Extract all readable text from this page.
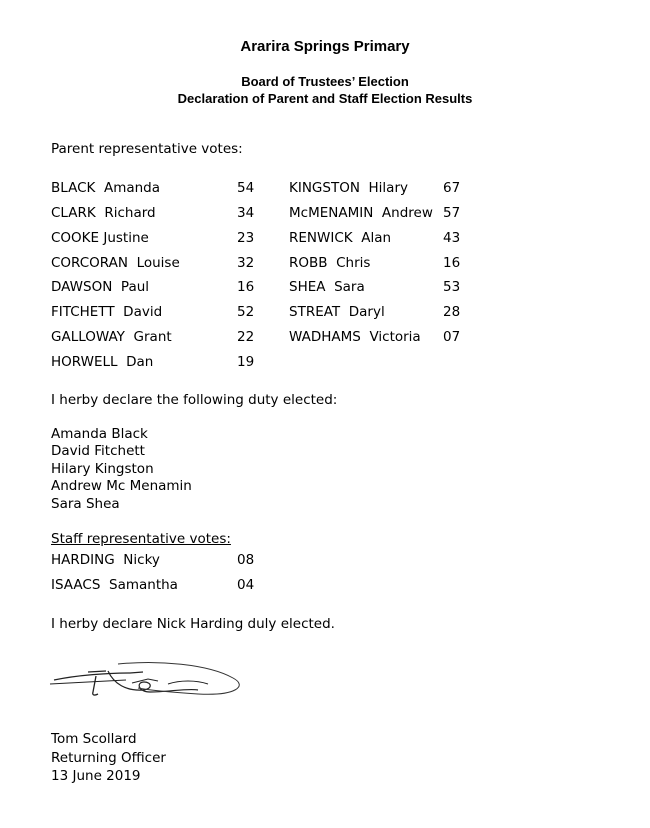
Ararira Springs Primary
Board of Trustees’ Election
Declaration of Parent and Staff Election Results
Parent representative votes:
BLACK Amanda	54
CLARK Richard	34
COOKE Justine	23
CORCORAN Louise	32
DAWSON Paul	16
FITCHETT David	52
GALLOWAY Grant	22
HORWELL Dan	19
KINGSTON Hilary	67
McMENAMIN Andrew 57
RENWICK Alan	43
ROBB Chris	16
SHEA Sara	53
STREAT Daryl	28
WADHAMS Victoria 07
I herby declare the following duty elected:
Amanda Black
David Fitchett
Hilary Kingston
Andrew Mc Menamin
Sara Shea
Staff representative votes:
HARDING Nicky	08
ISAACS Samantha	04
I herby declare Nick Harding duly elected.
Tom Scollard
Returning Officer
13 June 2019
